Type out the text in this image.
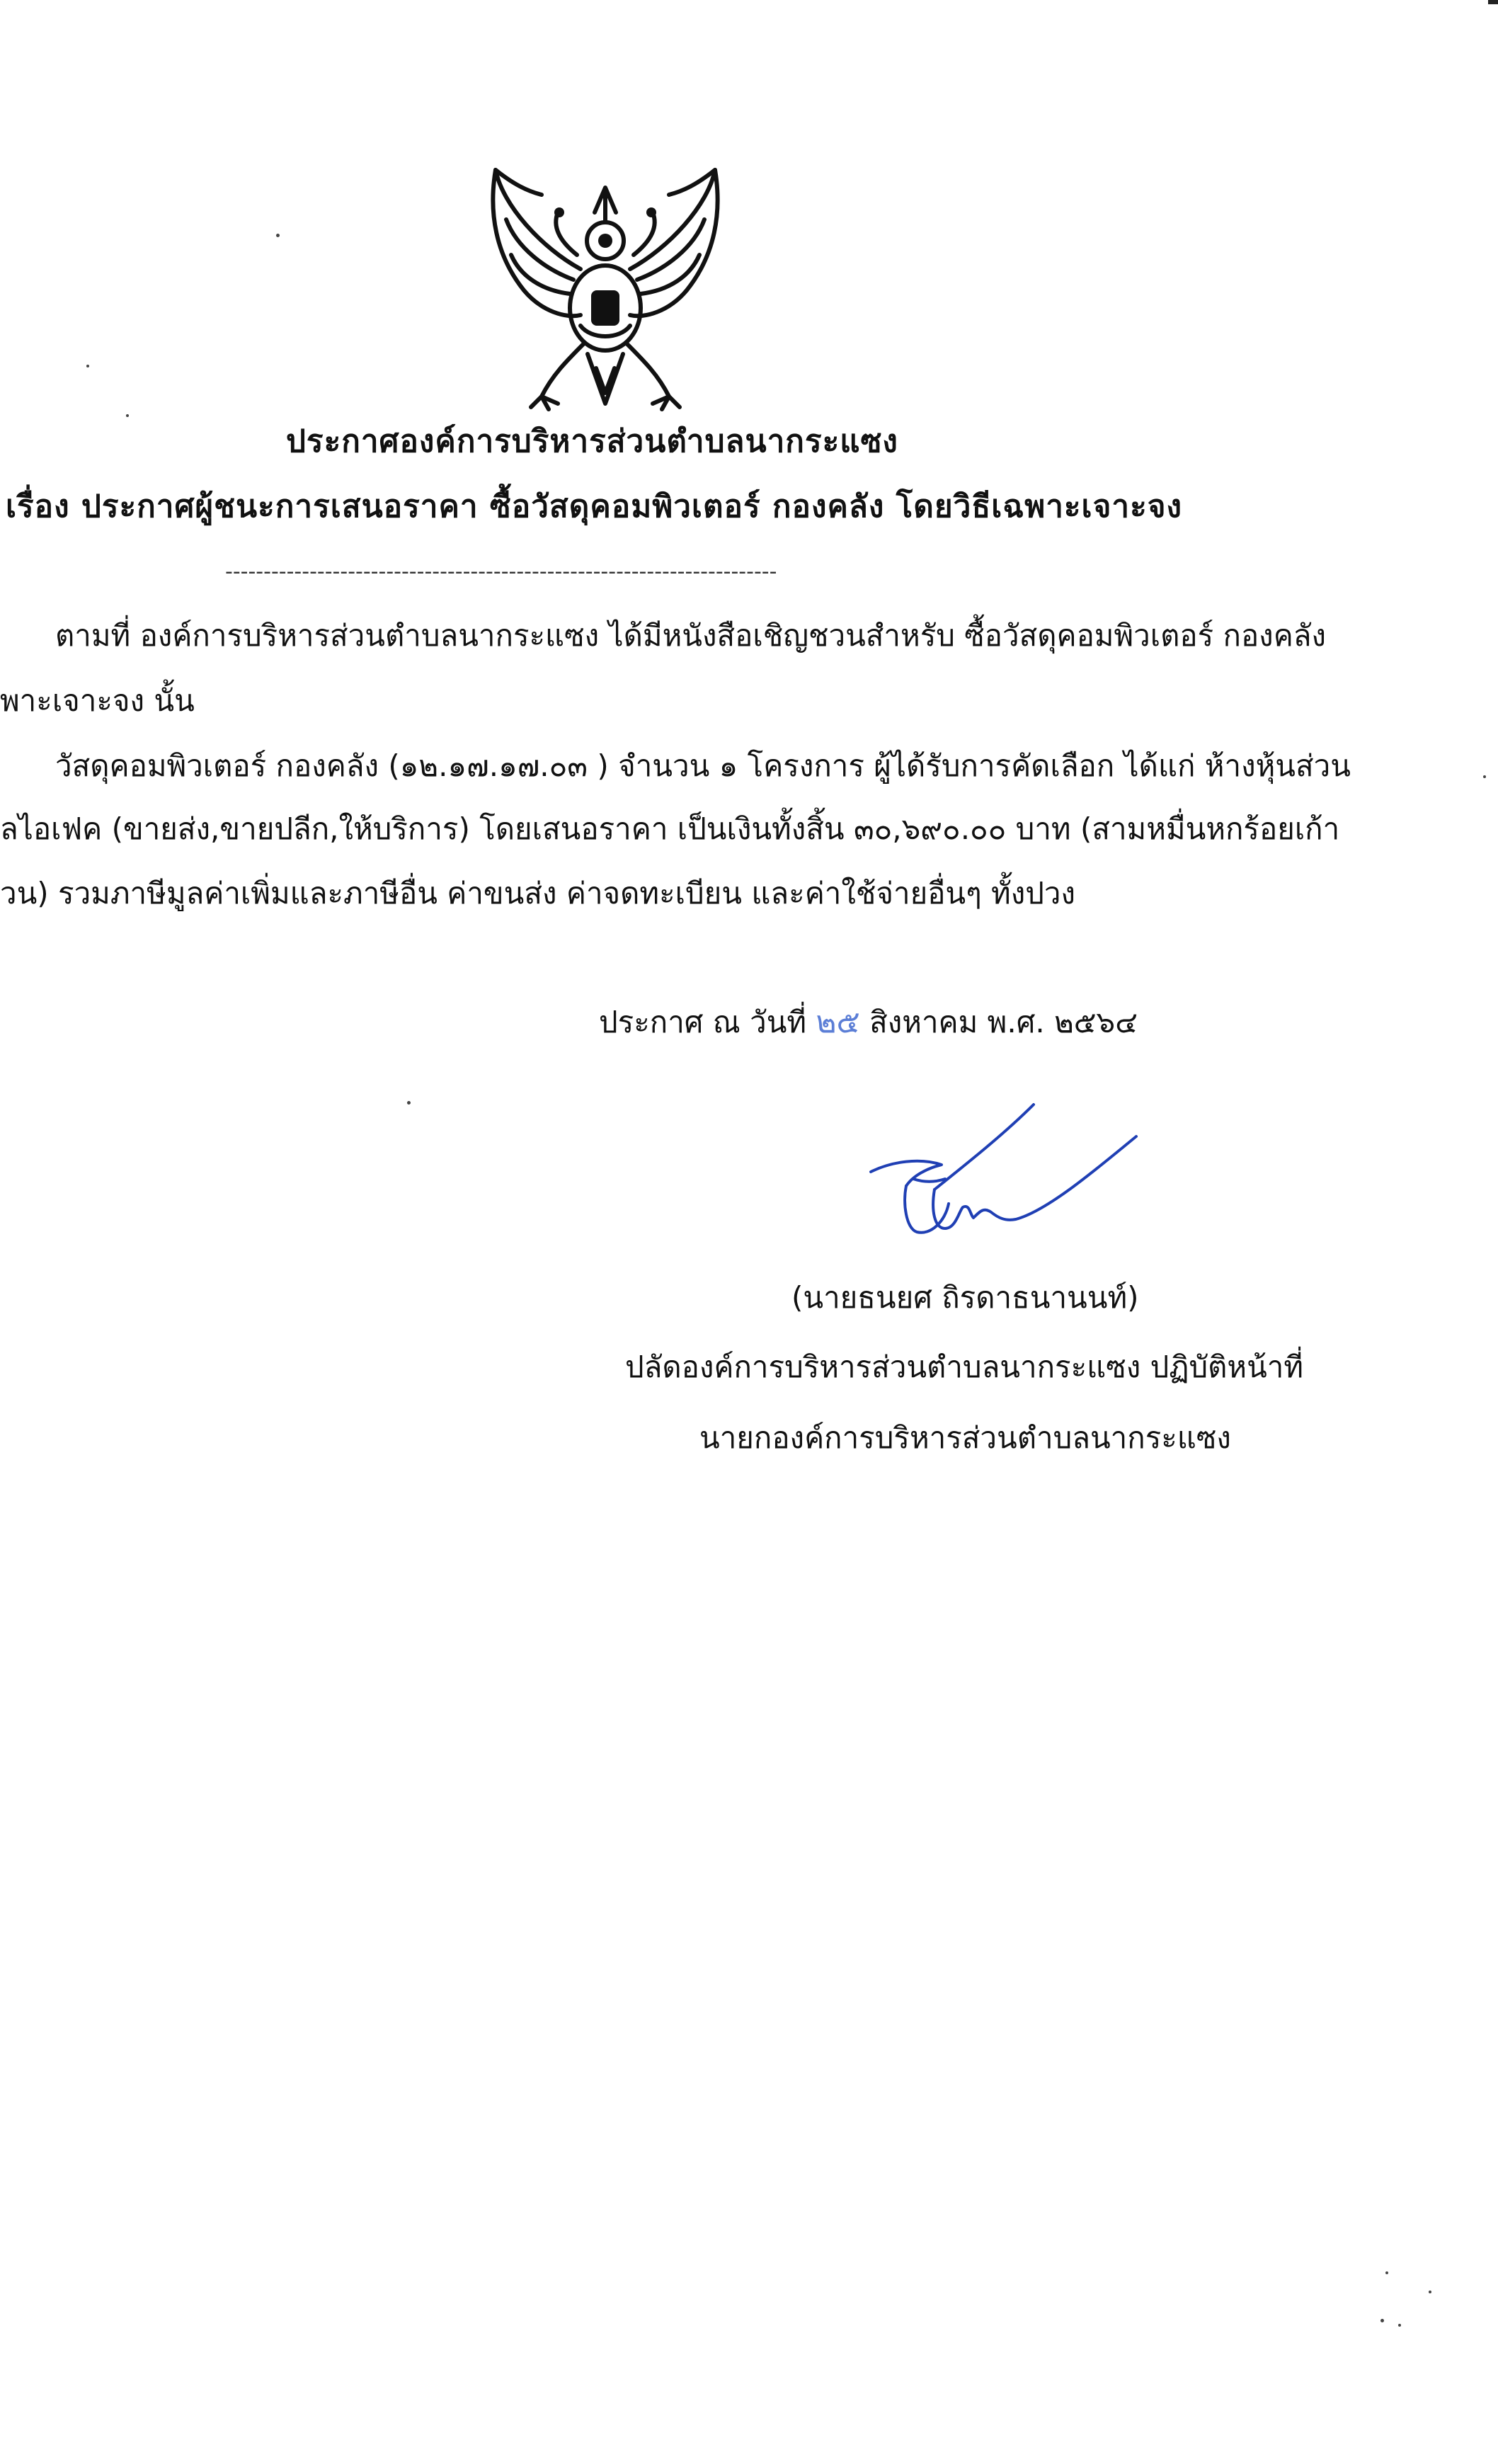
ประกาศองค์การบริหารส่วนตำบลนากระแซง
เรื่อง ประกาศผู้ชนะการเสนอราคา ซื้อวัสดุคอมพิวเตอร์ กองคลัง โดยวิธีเฉพาะเจาะจง
------------------------------------------------------------------------
ตามที่ องค์การบริหารส่วนตำบลนากระแซง ได้มีหนังสือเชิญชวนสำหรับ ซื้อวัสดุคอมพิวเตอร์ กองคลัง
พาะเจาะจง นั้น
วัสดุคอมพิวเตอร์ กองคลัง (๑๒.๑๗.๑๗.๐๓ ) จำนวน ๑ โครงการ ผู้ได้รับการคัดเลือก ได้แก่ ห้างหุ้นส่วน
ลไอเฟค (ขายส่ง,ขายปลีก,ให้บริการ) โดยเสนอราคา เป็นเงินทั้งสิ้น ๓๐,๖๙๐.๐๐ บาท (สามหมื่นหกร้อยเก้า
วน) รวมภาษีมูลค่าเพิ่มและภาษีอื่น ค่าขนส่ง ค่าจดทะเบียน และค่าใช้จ่ายอื่นๆ ทั้งปวง
ประกาศ ณ วันที่ ๒๕ สิงหาคม พ.ศ. ๒๕๖๔
(นายธนยศ ถิรดาธนานนท์)
ปลัดองค์การบริหารส่วนตำบลนากระแซง ปฏิบัติหน้าที่
นายกองค์การบริหารส่วนตำบลนากระแซง
